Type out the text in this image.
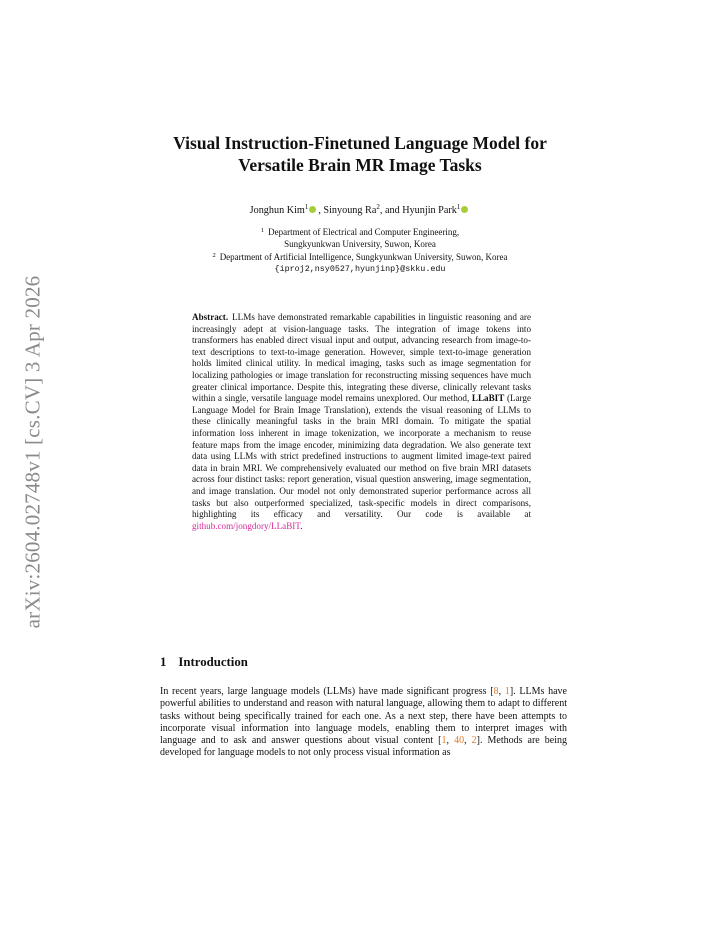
arXiv:2604.02748v1 [cs.CV] 3 Apr 2026
Visual Instruction-Finetuned Language Model for
Versatile Brain MR Image Tasks
Jonghun Kim$^1$ , Sinyoung Ra$^2$, and Hyunjin Park$^1$
$^1$ Department of Electrical and Computer Engineering,
Sungkyunkwan University, Suwon, Korea
$^2$ Department of Artificial Intelligence, Sungkyunkwan University, Suwon, Korea
{iproj2,nsy0527,hyunjinp}@skku.edu
Abstract. LLMs have demonstrated remarkable capabilities in linguistic reasoning and are increasingly adept at vision-language tasks. The integration of image tokens into transformers has enabled direct visual input and output, advancing research from image-to-text descriptions to text-to-image generation. However, simple text-to-image generation holds limited clinical utility. In medical imaging, tasks such as image segmentation for localizing pathologies or image translation for reconstructing missing sequences have much greater clinical importance. Despite this, integrating these diverse, clinically relevant tasks within a single, versatile language model remains unexplored. Our method, LLaBIT (Large Language Model for Brain Image Translation), extends the visual reasoning of LLMs to these clinically meaningful tasks in the brain MRI domain. To mitigate the spatial information loss inherent in image tokenization, we incorporate a mechanism to reuse feature maps from the image encoder, minimizing data degradation. We also generate text data using LLMs with strict predefined instructions to augment limited image-text paired data in brain MRI. We comprehensively evaluated our method on five brain MRI datasets across four distinct tasks: report generation, visual question answering, image segmentation, and image translation. Our model not only demonstrated superior performance across all tasks but also outperformed specialized, task-specific models in direct comparisons, highlighting its efficacy and versatility. Our code is available at github.com/jongdory/LLaBIT.
1 Introduction
In recent years, large language models (LLMs) have made significant progress [8, 1]. LLMs have powerful abilities to understand and reason with natural language, allowing them to adapt to different tasks without being specifically trained for each one. As a next step, there have been attempts to incorporate visual information into language models, enabling them to interpret images with language and to ask and answer questions about visual content [1, 40, 2]. Methods are being developed for language models to not only process visual information as
